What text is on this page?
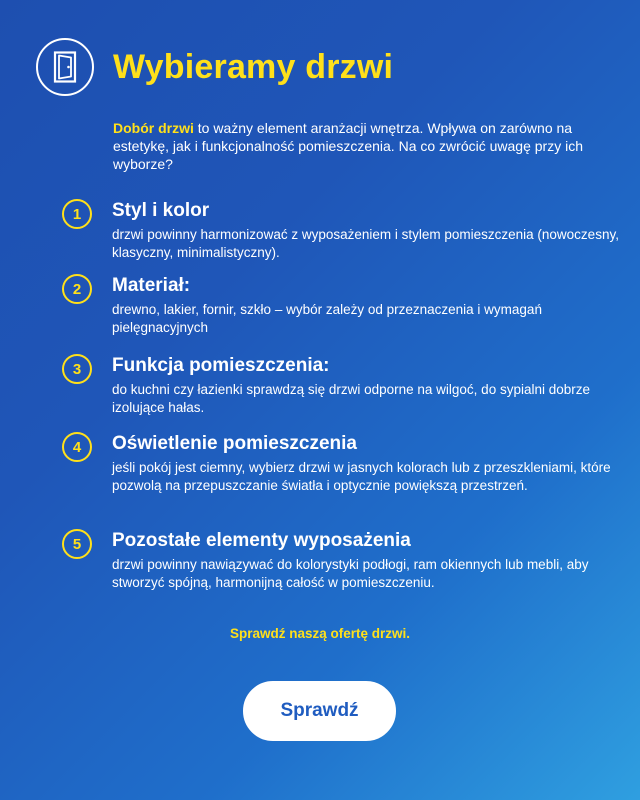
Wybieramy drzwi

Dobór drzwi to ważny element aranżacji wnętrza. Wpływa on zarówno na estetykę, jak i funkcjonalność pomieszczenia. Na co zwrócić uwagę przy ich wyborze?

1	Styl i kolor

drzwi powinny harmonizować z wyposażeniem i stylem pomieszczenia (nowoczesny, klasyczny, minimalistyczny).

2	Materiał:

drewno, lakier, fornir, szkło – wybór zależy od przeznaczenia i wymagań pielęgnacyjnych

3	Funkcja pomieszczenia:

do kuchni czy łazienki sprawdzą się drzwi odporne na wilgoć, do sypialni dobrze izolujące hałas.

4	Oświetlenie pomieszczenia

jeśli pokój jest ciemny, wybierz drzwi w jasnych kolorach lub z przeszkleniami, które pozwolą na przepuszczanie światła i optycznie powiększą przestrzeń.

5	Pozostałe elementy wyposażenia

drzwi powinny nawiązywać do kolorystyki podłogi, ram okiennych lub mebli, aby stworzyć spójną, harmonijną całość w pomieszczeniu.

Sprawdź naszą ofertę drzwi.

Sprawdź
